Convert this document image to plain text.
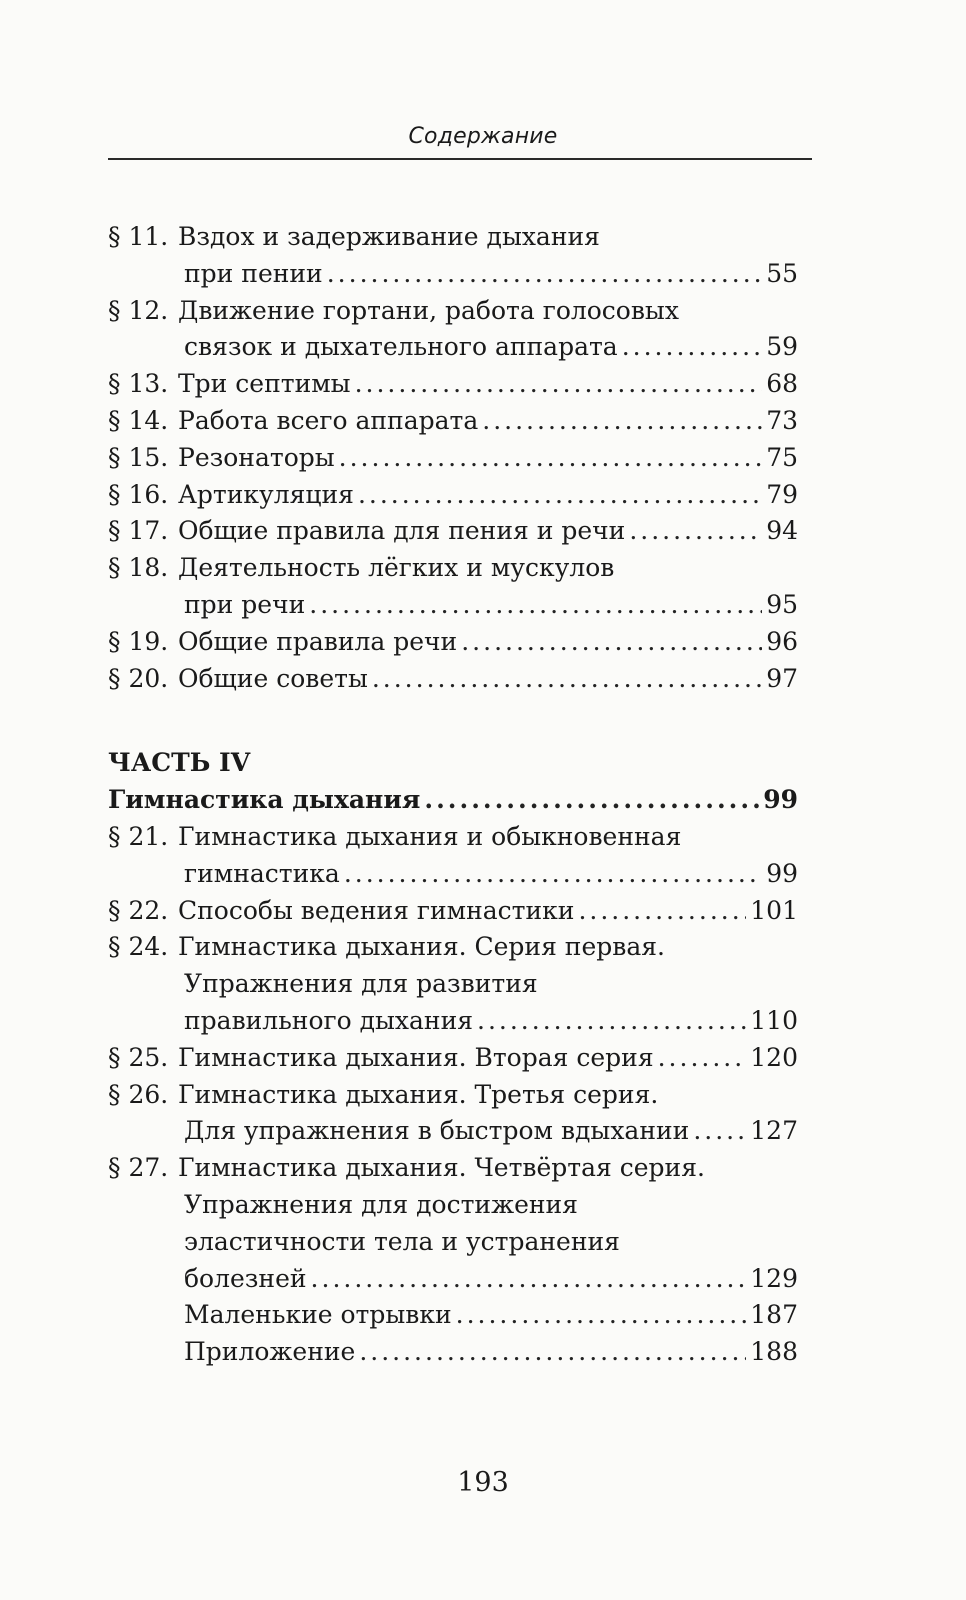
Содержание
§ 11. Вздох и задерживание дыхания
при пении .....	55
§ 12. Движение гортани, работа голосовых
связок и дыхательного аппарата .....	59
§ 13. Три септимы .....	68
§ 14. Работа всего аппарата .....	73
§ 15. Резонаторы .....	75
§ 16. Артикуляция .....	79
§ 17. Общие правила для пения и речи .....	94
§ 18. Деятельность лёгких и мускулов
при речи .....	95
§ 19. Общие правила речи .....	96
§ 20. Общие советы .....	97
ЧАСТЬ IV
Гимнастика дыхания .....	99
§ 21. Гимнастика дыхания и обыкновенная
гимнастика .....	99
§ 22. Способы ведения гимнастики .....	101
§ 24. Гимнастика дыхания. Серия первая.
Упражнения для развития
правильного дыхания .....	110
§ 25. Гимнастика дыхания. Вторая серия .....	120
§ 26. Гимнастика дыхания. Третья серия.
Для упражнения в быстром вдыхании ..... 127
§ 27. Гимнастика дыхания. Четвёртая серия.
Упражнения для достижения
эластичности тела и устранения
болезней .....	129
Маленькие отрывки .....	187
Приложение .....	188
193
